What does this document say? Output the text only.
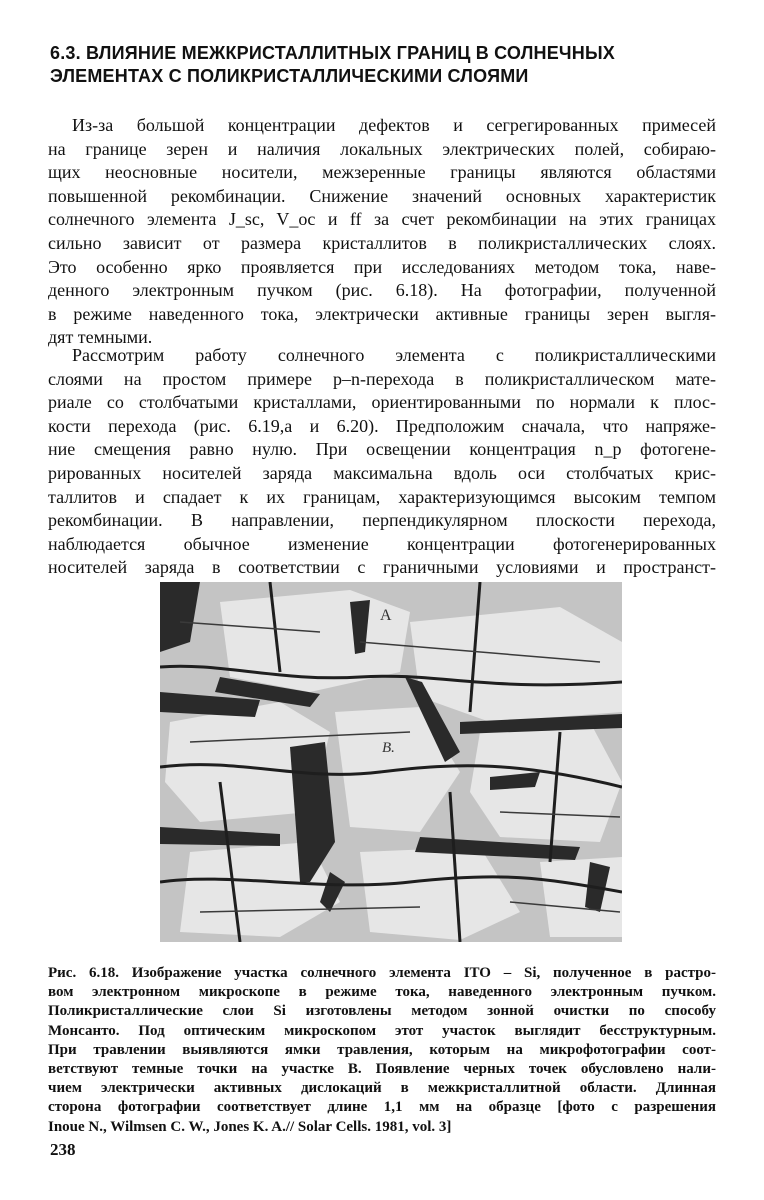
6.3. ВЛИЯНИЕ МЕЖКРИСТАЛЛИТНЫХ ГРАНИЦ В СОЛНЕЧНЫХ
ЭЛЕМЕНТАХ С ПОЛИКРИСТАЛЛИЧЕСКИМИ СЛОЯМИ
Из-за большой концентрации дефектов и сегрегированных примесей
на границе зерен и наличия локальных электрических полей, собираю-
щих неосновные носители, межзеренные границы являются областями
повышенной рекомбинации. Снижение значений основных характеристик
солнечного элемента J_sc, V_oc и ff за счет рекомбинации на этих границах
сильно зависит от размера кристаллитов в поликристаллических слоях.
Это особенно ярко проявляется при исследованиях методом тока, наве-
денного электронным пучком (рис. 6.18). На фотографии, полученной
в режиме наведенного тока, электрически активные границы зерен выгля-
дят темными.
Рассмотрим работу солнечного элемента с поликристаллическими
слоями на простом примере p–n-перехода в поликристаллическом мате-
риале со столбчатыми кристаллами, ориентированными по нормали к плос-
кости перехода (рис. 6.19,а и 6.20). Предположим сначала, что напряже-
ние смещения равно нулю. При освещении концентрация n_p фотогене-
рированных носителей заряда максимальна вдоль оси столбчатых крис-
таллитов и спадает к их границам, характеризующимся высоким темпом
рекомбинации. В направлении, перпендикулярном плоскости перехода,
наблюдается обычное изменение концентрации фотогенерированных
носителей заряда в соответствии с граничными условиями и пространст-
A
B.
Рис. 6.18. Изображение участка солнечного элемента ITO – Si, полученное в растро-
вом электронном микроскопе в режиме тока, наведенного электронным пучком.
Поликристаллические слои Si изготовлены методом зонной очистки по способу
Монсанто. Под оптическим микроскопом этот участок выглядит бесструктурным.
При травлении выявляются ямки травления, которым на микрофотографии соот-
ветствуют темные точки на участке B. Появление черных точек обусловлено нали-
чием электрически активных дислокаций в межкристаллитной области. Длинная
сторона фотографии соответствует длине 1,1 мм на образце [фото с разрешения
Inoue N., Wilmsen C. W., Jones K. A.// Solar Cells. 1981, vol. 3]
238
